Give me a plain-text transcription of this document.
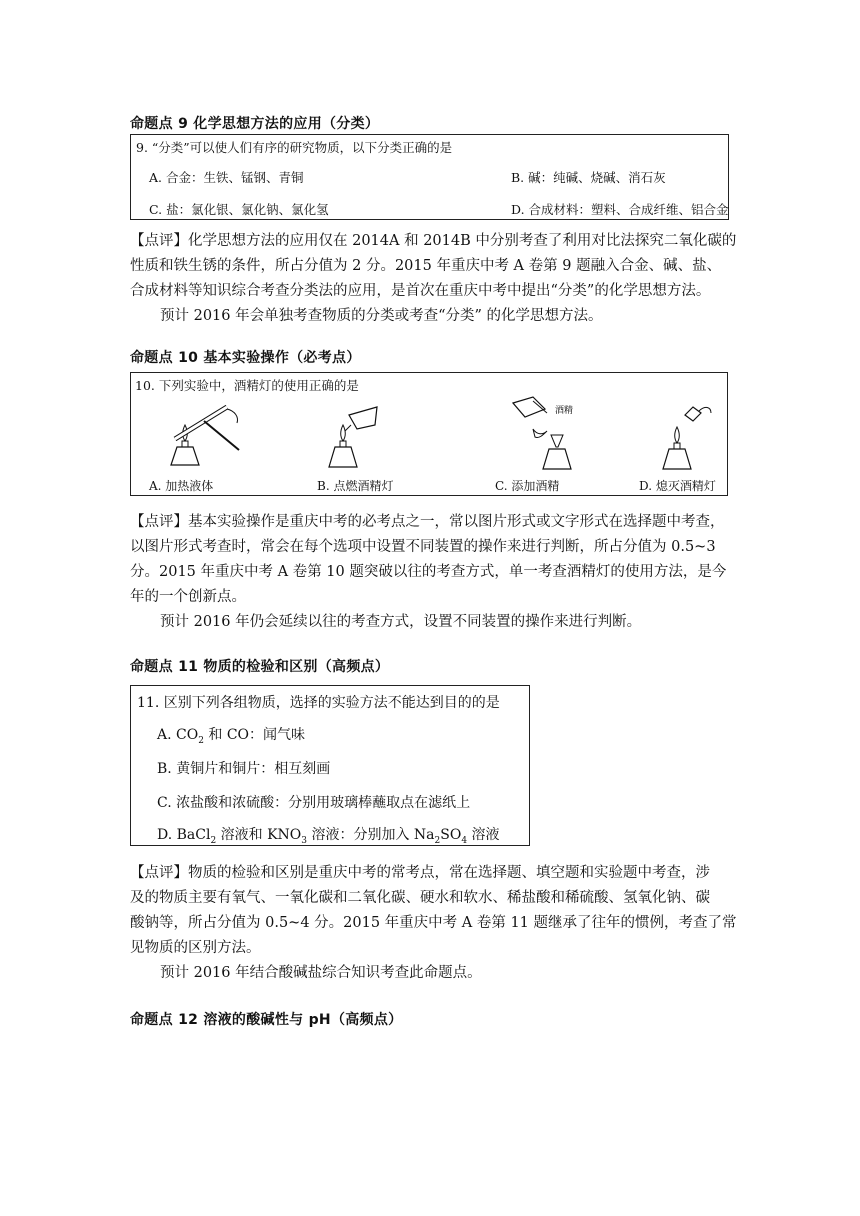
命题点 9 化学思想方法的应用（分类）
9. “分类”可以使人们有序的研究物质，以下分类正确的是
A. 合金：生铁、锰钢、青铜	B. 碱：纯碱、烧碱、消石灰
C. 盐：氯化银、氯化钠、氯化氢	D. 合成材料：塑料、合成纤维、铝合金
【点评】化学思想方法的应用仅在 2014A 和 2014B 中分别考查了利用对比法探究二氧化碳的
性质和铁生锈的条件，所占分值为 2 分。2015 年重庆中考 A 卷第 9 题融入合金、碱、盐、
合成材料等知识综合考查分类法的应用，是首次在重庆中考中提出“分类”的化学思想方法。
预计 2016 年会单独考查物质的分类或考查“分类” 的化学思想方法。
命题点 10 基本实验操作（必考点）
10. 下列实验中，酒精灯的使用正确的是
A. 加热液体	B. 点燃酒精灯
酒精
C. 添加酒精	D. 熄灭酒精灯
【点评】基本实验操作是重庆中考的必考点之一，常以图片形式或文字形式在选择题中考查，
以图片形式考查时，常会在每个选项中设置不同装置的操作来进行判断，所占分值为 0.5~3
分。2015 年重庆中考 A 卷第 10 题突破以往的考查方式，单一考查酒精灯的使用方法，是今
年的一个创新点。
预计 2016 年仍会延续以往的考查方式，设置不同装置的操作来进行判断。
命题点 11 物质的检验和区别（高频点）
11. 区别下列各组物质，选择的实验方法不能达到目的的是
A. $CO_2$ 和 CO：闻气味
B. 黄铜片和铜片：相互刻画
C. 浓盐酸和浓硫酸：分别用玻璃棒蘸取点在滤纸上
D. BaCl$_2$ 溶液和 $KNO_3$ 溶液：分别加入 $Na_2SO_4$ 溶液
【点评】物质的检验和区别是重庆中考的常考点，常在选择题、填空题和实验题中考查，涉
及的物质主要有氧气、一氧化碳和二氧化碳、硬水和软水、稀盐酸和稀硫酸、氢氧化钠、碳
酸钠等，所占分值为 0.5~4 分。2015 年重庆中考 A 卷第 11 题继承了往年的惯例，考查了常
见物质的区别方法。
预计 2016 年结合酸碱盐综合知识考查此命题点。
命题点 12 溶液的酸碱性与 pH（高频点）
